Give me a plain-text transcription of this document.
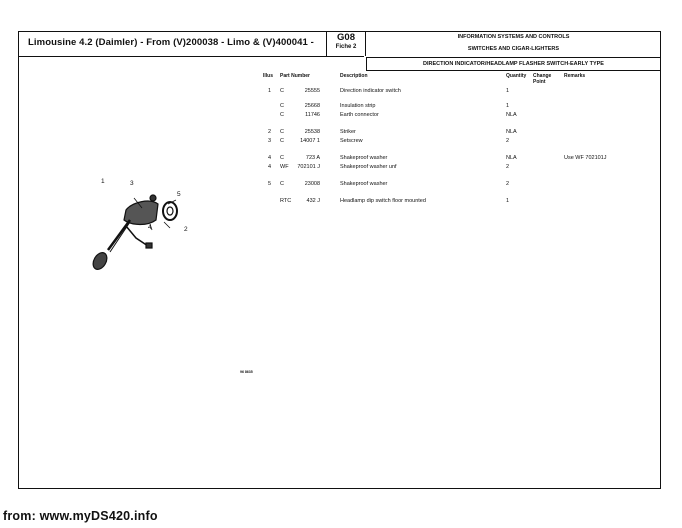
Limousine 4.2 (Daimler) - From (V)200038 - Limo & (V)400041 -	G08
Fiche 2
INFORMATION SYSTEMS AND CONTROLS
SWITCHES AND CIGAR-LIGHTERS
DIRECTION INDICATOR/HEADLAMP FLASHER SWITCH-EARLY TYPE
Illus Part Number	Description	Quantity Change Point
Remarks
1 C	25555	Direction indicator switch	1
C	25668	Insulation strip	1
C	11746	Earth connector	NLA
2 C	25538	Striker	NLA
3 C	14007 1	Setscrew	2
4 C	723 A	Shakeproof washer	NLA	Use WF 702101J
4 WF	702101 J	Shakeproof washer unf	2
5 C	23008	Shakeproof washer	2
RTC	432 J	Headlamp dip switch floor mounted	1
1	3
5
4	2
96 8635
from: www.myDS420.info
